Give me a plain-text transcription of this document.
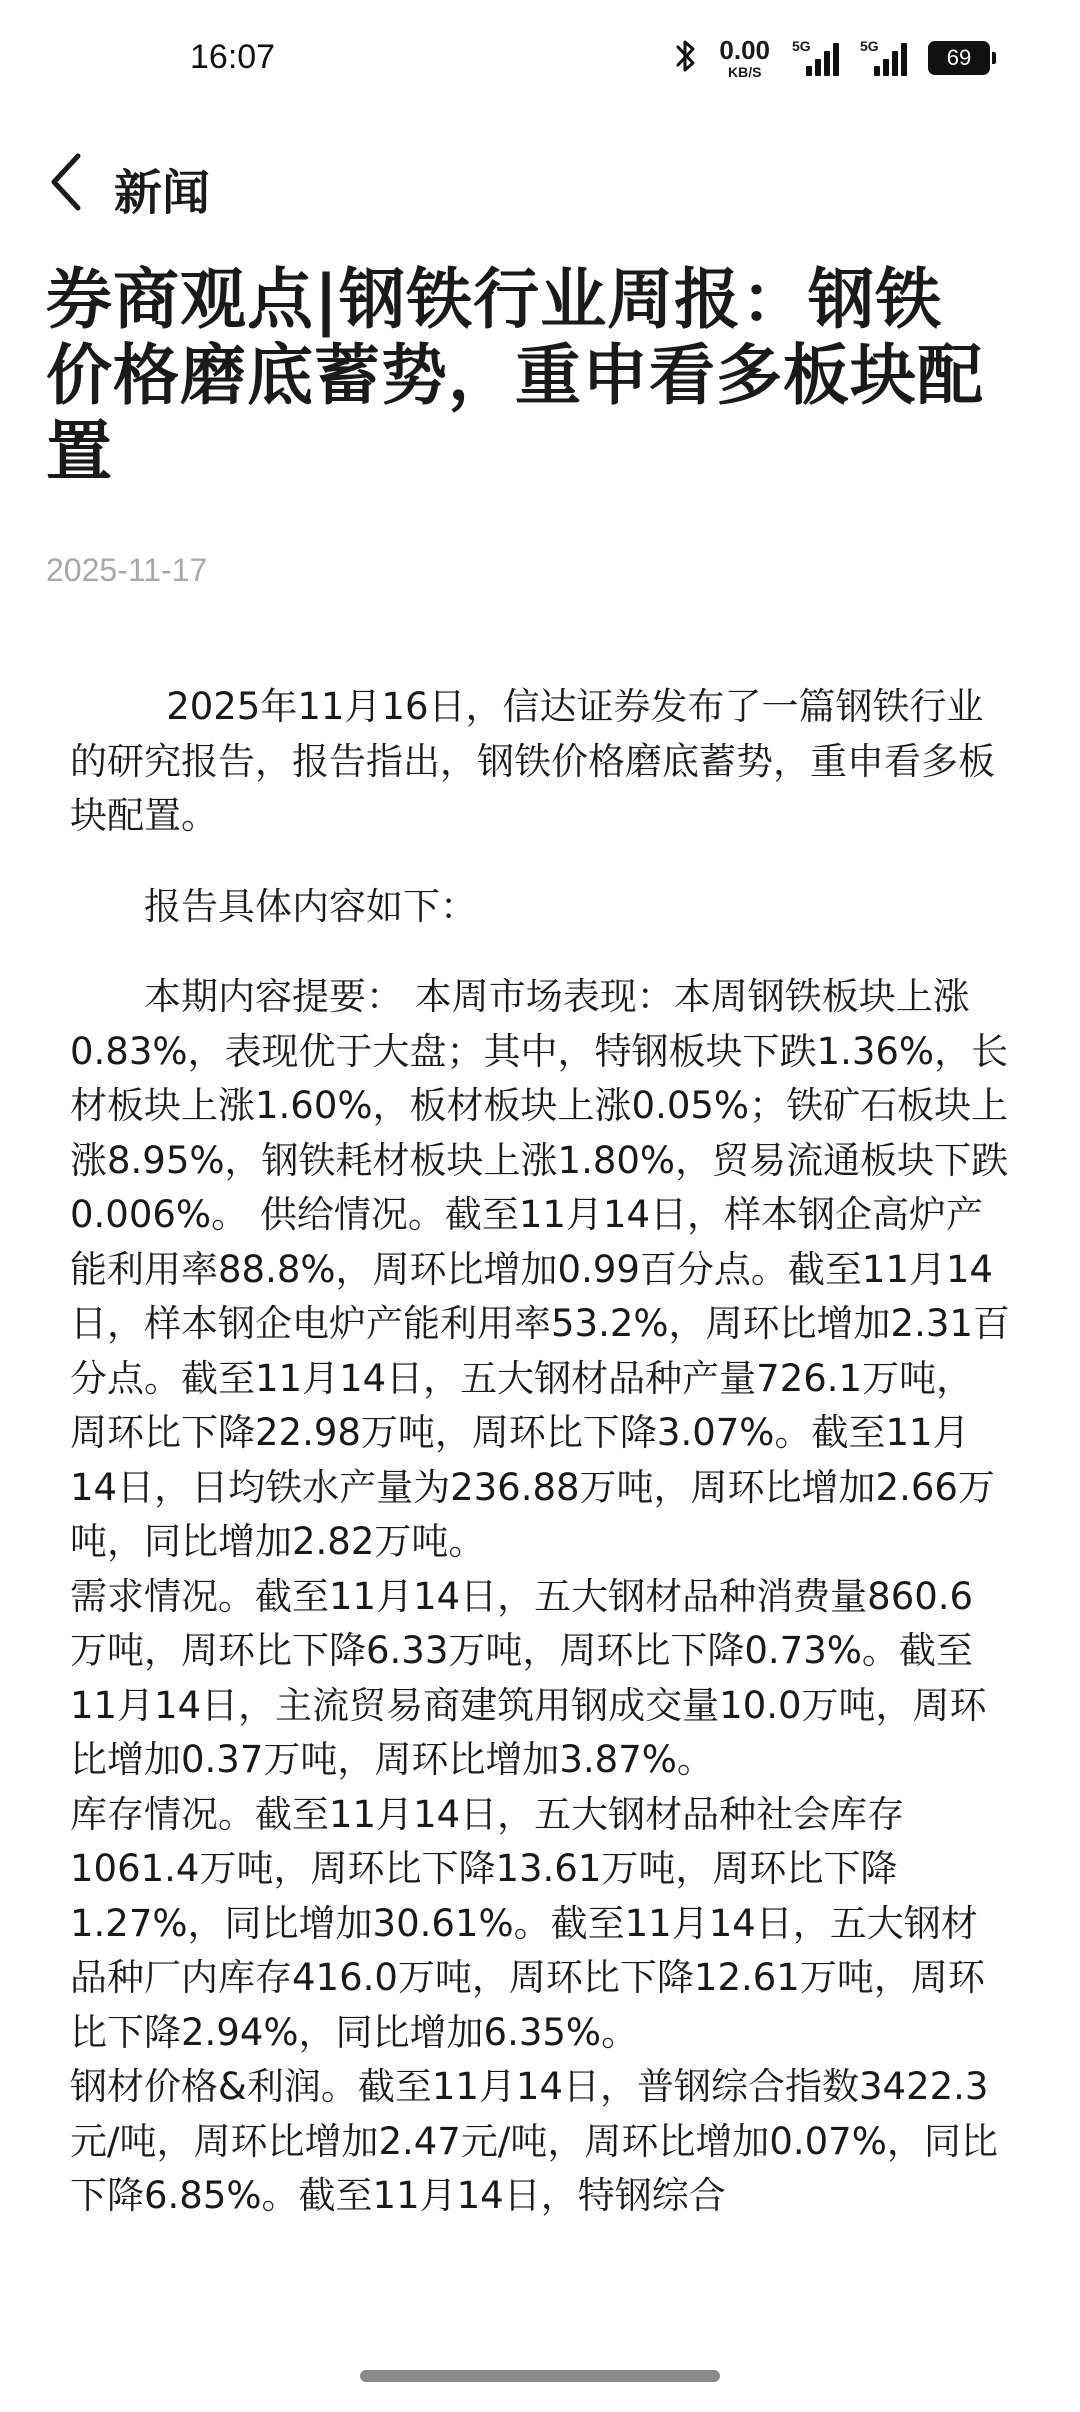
16:07	0.00
KB/S
5G	5G	69
新闻
券商观点|钢铁行业周报：钢铁价格磨底蓄势，重申看多板块配置
2025-11-17

2025年11月16日，信达证券发布了一篇钢铁行业的研究报告，报告指出，钢铁价格磨底蓄势，重申看多板块配置。

报告具体内容如下：

本期内容提要： 本周市场表现：本周钢铁板块上涨0.83%，表现优于大盘；其中，特钢板块下跌1.36%，长材板块上涨1.60%，板材板块上涨0.05%；铁矿石板块上涨8.95%，钢铁耗材板块上涨1.80%，贸易流通板块下跌0.006%。 供给情况。截至11月14日，样本钢企高炉产能利用率88.8%，周环比增加0.99百分点。截至11月14日，样本钢企电炉产能利用率53.2%，周环比增加2.31百分点。截至11月14日，五大钢材品种产量726.1万吨，周环比下降22.98万吨，周环比下降3.07%。截至11月14日，日均铁水产量为236.88万吨，周环比增加2.66万吨，同比增加2.82万吨。

需求情况。截至11月14日，五大钢材品种消费量860.6万吨，周环比下降6.33万吨，周环比下降0.73%。截至11月14日，主流贸易商建筑用钢成交量10.0万吨，周环比增加0.37万吨，周环比增加3.87%。

库存情况。截至11月14日，五大钢材品种社会库存1061.4万吨，周环比下降13.61万吨，周环比下降1.27%，同比增加30.61%。截至11月14日，五大钢材品种厂内库存416.0万吨，周环比下降12.61万吨，周环比下降2.94%，同比增加6.35%。

钢材价格&利润。截至11月14日，普钢综合指数3422.3元/吨，周环比增加2.47元/吨，周环比增加0.07%，同比下降6.85%。截至11月14日，特钢综合
